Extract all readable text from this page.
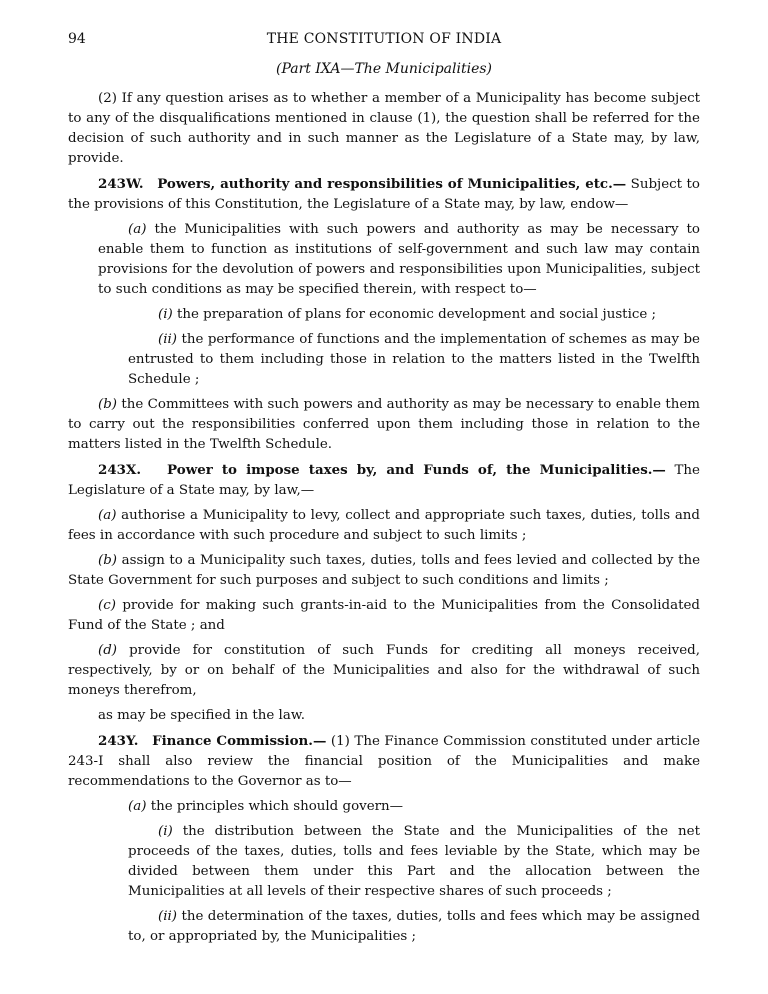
94	THE CONSTITUTION OF INDIA
(Part IXA—The Municipalities)

(2) If any question arises as to whether a member of a Municipality has become subject to any of the disqualifications mentioned in clause (1), the question shall be referred for the decision of such authority and in such manner as the Legislature of a State may, by law, provide.

243W. Powers, authority and responsibilities of Municipalities, etc.— Subject to the provisions of this Constitution, the Legislature of a State may, by law, endow—

(a) the Municipalities with such powers and authority as may be necessary to enable them to function as institutions of self-government and such law may contain provisions for the devolution of powers and responsibilities upon Municipalities, subject to such conditions as may be specified therein, with respect to—

(i) the preparation of plans for economic development and social justice ;

(ii) the performance of functions and the implementation of schemes as may be entrusted to them including those in relation to the matters listed in the Twelfth Schedule ;

(b) the Committees with such powers and authority as may be necessary to enable them to carry out the responsibilities conferred upon them including those in relation to the matters listed in the Twelfth Schedule.

243X. Power to impose taxes by, and Funds of, the Municipalities.— The Legislature of a State may, by law,—

(a) authorise a Municipality to levy, collect and appropriate such taxes, duties, tolls and fees in accordance with such procedure and subject to such limits ;

(b) assign to a Municipality such taxes, duties, tolls and fees levied and collected by the State Government for such purposes and subject to such conditions and limits ;

(c) provide for making such grants-in-aid to the Municipalities from the Consolidated Fund of the State ; and

(d) provide for constitution of such Funds for crediting all moneys received, respectively, by or on behalf of the Municipalities and also for the withdrawal of such moneys therefrom,

as may be specified in the law.

243Y. Finance Commission.— (1) The Finance Commission constituted under article 243-I shall also review the financial position of the Municipalities and make recommendations to the Governor as to—

(a) the principles which should govern—

(i) the distribution between the State and the Municipalities of the net proceeds of the taxes, duties, tolls and fees leviable by the State, which may be divided between them under this Part and the allocation between the Municipalities at all levels of their respective shares of such proceeds ;

(ii) the determination of the taxes, duties, tolls and fees which may be assigned to, or appropriated by, the Municipalities ;
